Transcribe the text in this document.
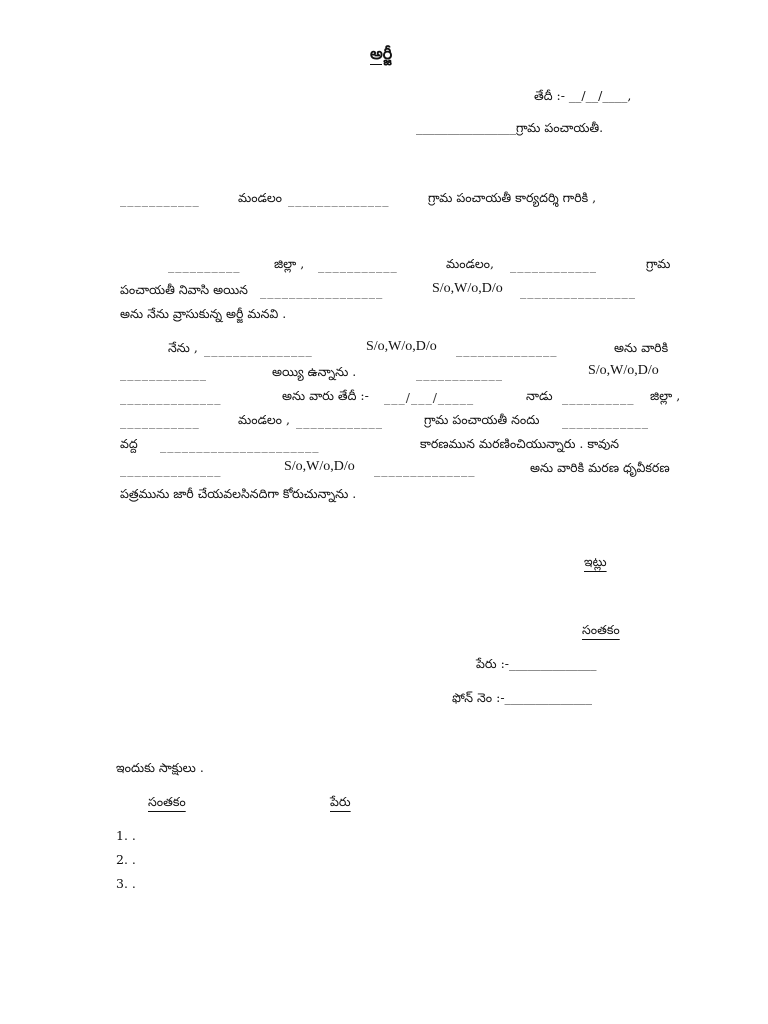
అర్జీ
తేదీ :- __/__/____,
________________గ్రామ పంచాయతీ.
___________	మండలం ______________	గ్రామ పంచాయతీ కార్యదర్శి గారికి ,
__________	జిల్లా , ___________	మండలం, ____________	గ్రామ
పంచాయతీ నివాసి అయిన _________________	S/o,W/o,D/o ________________
అను నేను వ్రాసుకున్న అర్జీ మనవి .
నేను , _______________	S/o,W/o,D/o ______________	అను వారికి
____________	అయ్యి ఉన్నాను .	____________	S/o,W/o,D/o
______________	అను వారు తేదీ :- ___/___/_____	నాడు __________ జిల్లా ,
___________	మండలం , ____________	గ్రామ పంచాయతీ నందు ____________
వద్ద ______________________	కారణమున మరణించియున్నారు . కావున
______________	S/o,W/o,D/o ______________	అను వారికి మరణ ధృవీకరణ
పత్రమును జారీ చేయవలసినదిగా కోరుచున్నాను .
ఇట్లు
సంతకం
పేరు :-______________
ఫోన్ నెం :-______________
ఇందుకు సాక్షులు .
సంతకం	పేరు
1. .
2. .
3. .
